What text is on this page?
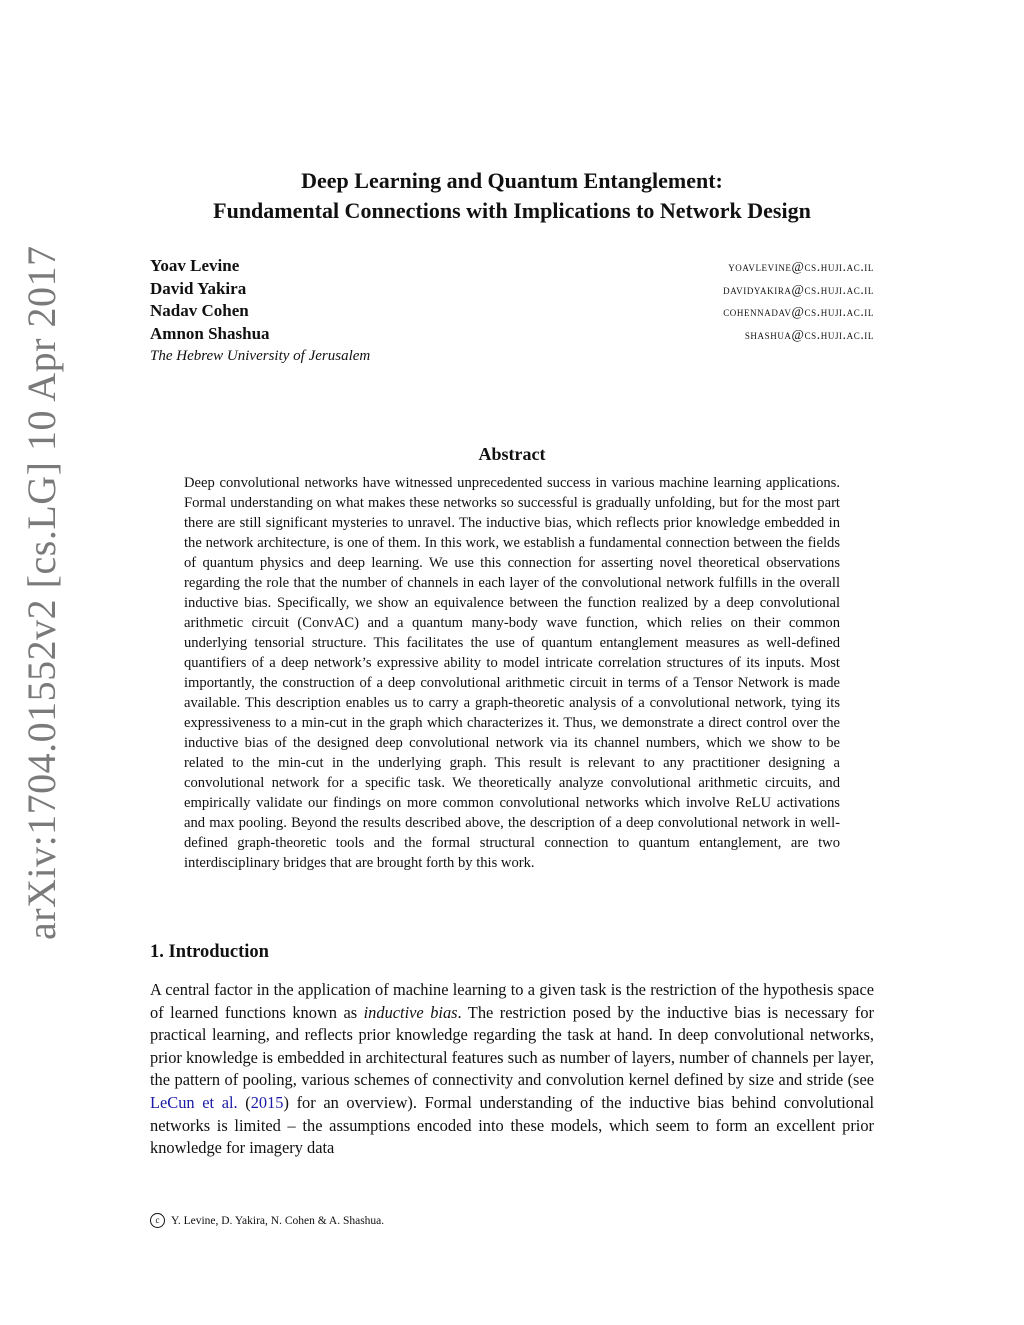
arXiv:1704.01552v2 [cs.LG] 10 Apr 2017
Deep Learning and Quantum Entanglement:
Fundamental Connections with Implications to Network Design
Yoav Levine	yoavlevine@cs.huji.ac.il
David Yakira	davidyakira@cs.huji.ac.il
Nadav Cohen	cohennadav@cs.huji.ac.il
Amnon Shashua	shashua@cs.huji.ac.il
The Hebrew University of Jerusalem
Abstract
Deep convolutional networks have witnessed unprecedented success in various machine learning applications. Formal understanding on what makes these networks so successful is gradually unfolding, but for the most part there are still significant mysteries to unravel. The inductive bias, which reflects prior knowledge embedded in the network architecture, is one of them. In this work, we establish a fundamental connection between the fields of quantum physics and deep learning. We use this connection for asserting novel theoretical observations regarding the role that the number of channels in each layer of the convolutional network fulfills in the overall inductive bias. Specifically, we show an equivalence between the function realized by a deep convolutional arithmetic circuit (ConvAC) and a quantum many-body wave function, which relies on their common underlying tensorial structure. This facilitates the use of quantum entanglement measures as well-defined quantifiers of a deep network’s expressive ability to model intricate correlation structures of its inputs. Most importantly, the construction of a deep convolutional arithmetic circuit in terms of a Tensor Network is made available. This description enables us to carry a graph-theoretic analysis of a convolutional network, tying its expressiveness to a min-cut in the graph which characterizes it. Thus, we demonstrate a direct control over the inductive bias of the designed deep convolutional network via its channel numbers, which we show to be related to the min-cut in the underlying graph. This result is relevant to any practitioner designing a convolutional network for a specific task. We theoretically analyze convolutional arithmetic circuits, and empirically validate our findings on more common convolutional networks which involve ReLU activations and max pooling. Beyond the results described above, the description of a deep convolutional network in well-defined graph-theoretic tools and the formal structural connection to quantum entanglement, are two interdisciplinary bridges that are brought forth by this work.
1. Introduction
A central factor in the application of machine learning to a given task is the restriction of the hypothesis space of learned functions known as inductive bias. The restriction posed by the inductive bias is necessary for practical learning, and reflects prior knowledge regarding the task at hand. In deep convolutional networks, prior knowledge is embedded in architectural features such as number of layers, number of channels per layer, the pattern of pooling, various schemes of connectivity and convolution kernel defined by size and stride (see LeCun et al. (2015) for an overview). Formal understanding of the inductive bias behind convolutional networks is limited – the assumptions encoded into these models, which seem to form an excellent prior knowledge for imagery data
c	Y. Levine, D. Yakira, N. Cohen & A. Shashua.
